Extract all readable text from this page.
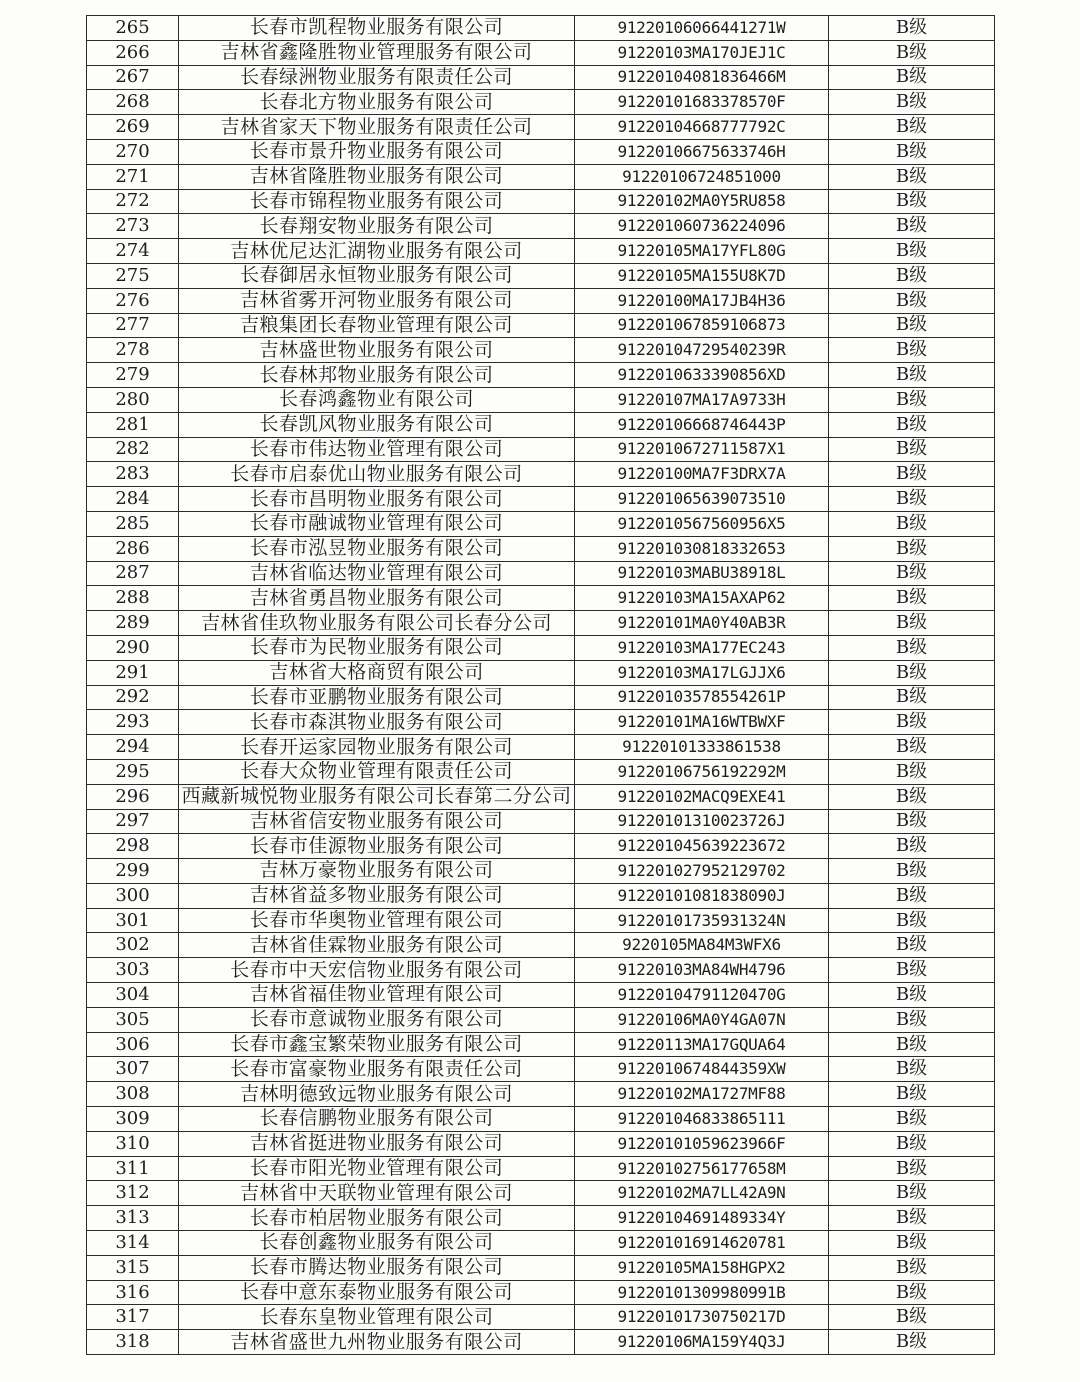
265	长春市凯程物业服务有限公司	91220106066441271W	B级
266	吉林省鑫隆胜物业管理服务有限公司	91220103MA170JEJ1C	B级
267	长春绿洲物业服务有限责任公司	91220104081836466M	B级
268	长春北方物业服务有限公司	91220101683378570F	B级
269	吉林省家天下物业服务有限责任公司	91220104668777792C	B级
270	长春市景升物业服务有限公司	91220106675633746H	B级
271	吉林省隆胜物业服务有限公司	91220106724851000	B级
272	长春市锦程物业服务有限公司	91220102MA0Y5RU858	B级
273	长春翔安物业服务有限公司	912201060736224096	B级
274	吉林优尼达汇湖物业服务有限公司	91220105MA17YFL80G	B级
275	长春御居永恒物业服务有限公司	91220105MA155U8K7D	B级
276	吉林省雾开河物业服务有限公司	91220100MA17JB4H36	B级
277	吉粮集团长春物业管理有限公司	912201067859106873	B级
278	吉林盛世物业服务有限公司	91220104729540239R	B级
279	长春林邦物业服务有限公司	9122010633390856XD	B级
280	长春鸿鑫物业有限公司	91220107MA17A9733H	B级
281	长春凯风物业服务有限公司	91220106668746443P	B级
282	长春市伟达物业管理有限公司	9122010672711587X1	B级
283	长春市启泰优山物业服务有限公司	91220100MA7F3DRX7A	B级
284	长春市昌明物业服务有限公司	912201065639073510	B级
285	长春市融诚物业管理有限公司	9122010567560956X5	B级
286	长春市泓昱物业服务有限公司	912201030818332653	B级
287	吉林省临达物业管理有限公司	91220103MABU38918L	B级
288	吉林省勇昌物业服务有限公司	91220103MA15AXAP62	B级
289	吉林省佳玖物业服务有限公司长春分公司	91220101MA0Y40AB3R	B级
290	长春市为民物业服务有限公司	91220103MA177EC243	B级
291	吉林省大格商贸有限公司	91220103MA17LGJJX6	B级
292	长春市亚鹏物业服务有限公司	91220103578554261P	B级
293	长春市森淇物业服务有限公司	91220101MA16WTBWXF	B级
294	长春开运家园物业服务有限公司	91220101333861538	B级
295	长春大众物业管理有限责任公司	91220106756192292M	B级
296	西藏新城悦物业服务有限公司长春第二分公司	91220102MACQ9EXE41	B级
297	吉林省信安物业服务有限公司	91220101310023726J	B级
298	长春市佳源物业服务有限公司	912201045639223672	B级
299	吉林万豪物业服务有限公司	912201027952129702	B级
300	吉林省益多物业服务有限公司	91220101081838090J	B级
301	长春市华奥物业管理有限公司	91220101735931324N	B级
302	吉林省佳霖物业服务有限公司	9220105MA84M3WFX6	B级
303	长春市中天宏信物业服务有限公司	91220103MA84WH4796	B级
304	吉林省福佳物业管理有限公司	91220104791120470G	B级
305	长春市意诚物业服务有限公司	91220106MA0Y4GA07N	B级
306	长春市鑫宝繁荣物业服务有限公司	91220113MA17GQUA64	B级
307	长春市富豪物业服务有限责任公司	9122010674844359XW	B级
308	吉林明德致远物业服务有限公司	91220102MA1727MF88	B级
309	长春信鹏物业服务有限公司	912201046833865111	B级
310	吉林省挺进物业服务有限公司	91220101059623966F	B级
311	长春市阳光物业管理有限公司	91220102756177658M	B级
312	吉林省中天联物业管理有限公司	91220102MA7LL42A9N	B级
313	长春市柏居物业服务有限公司	91220104691489334Y	B级
314	长春创鑫物业服务有限公司	912201016914620781	B级
315	长春市腾达物业服务有限公司	91220105MA158HGPX2	B级
316	长春中意东泰物业服务有限公司	91220101309980991B	B级
317	长春东皇物业管理有限公司	91220101730750217D	B级
318	吉林省盛世九州物业服务有限公司	91220106MA159Y4Q3J	B级
